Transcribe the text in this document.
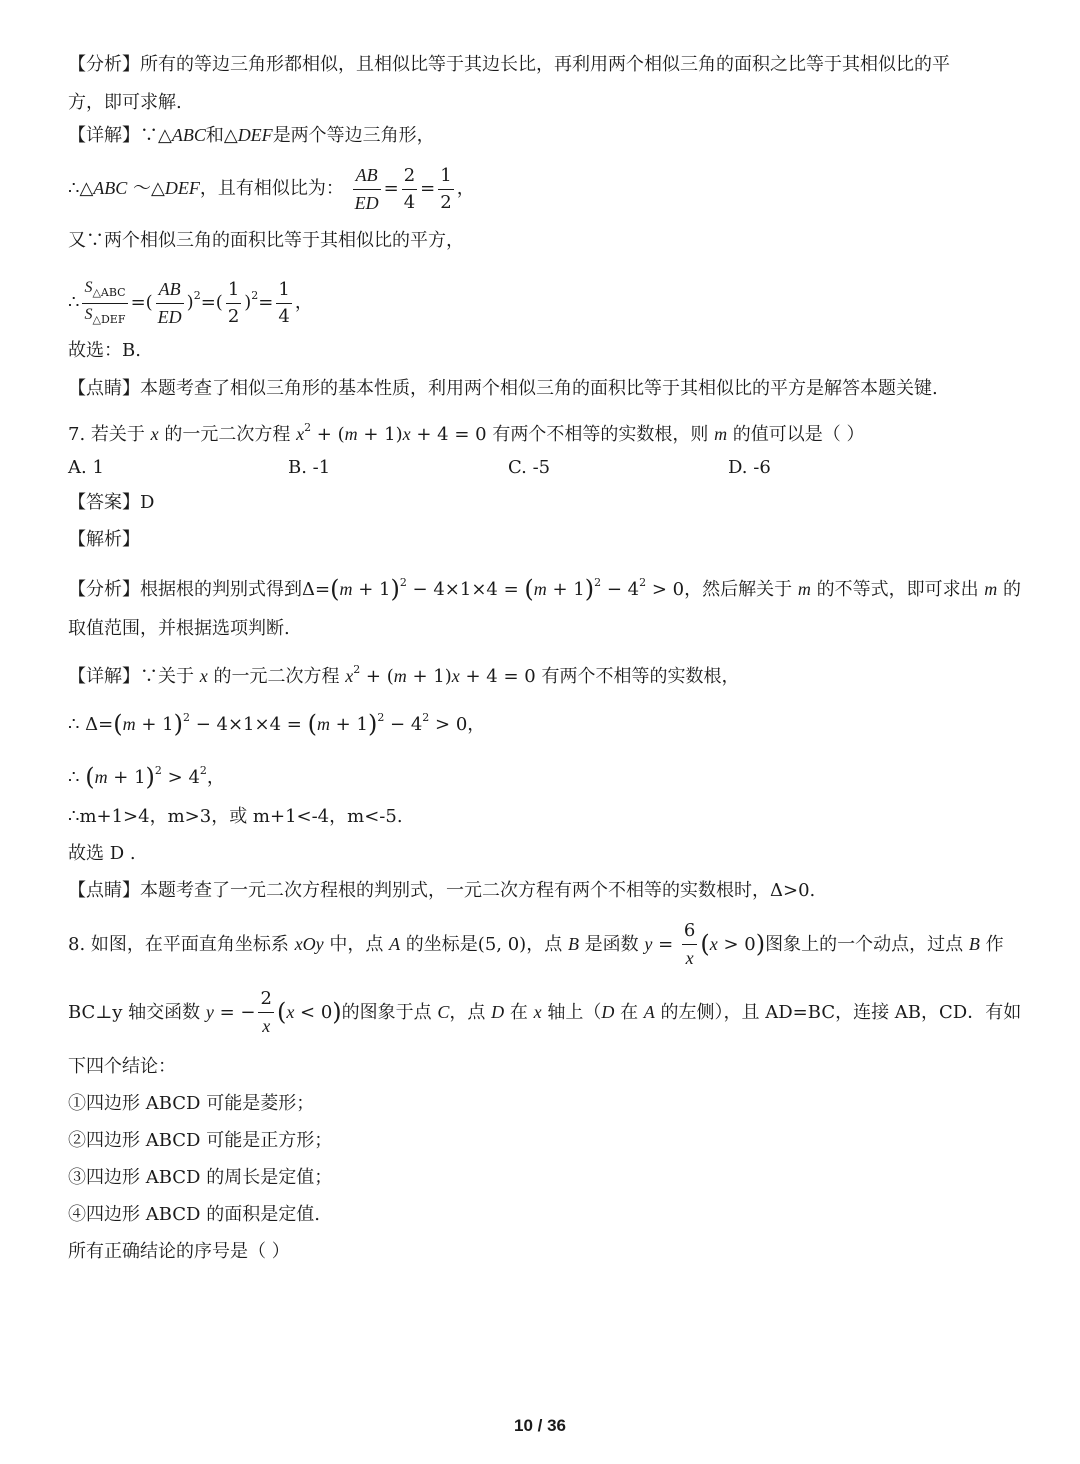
【分析】所有的等边三角形都相似，且相似比等于其边长比，再利用两个相似三角的面积之比等于其相似比的平
方，即可求解.
【详解】∵△ABC和△DEF是两个等边三角形，
∴△ABC ～△DEF，且有相似比为： $\frac{AB}{ED} = \frac{2}{4} = \frac{1}{2}$ ，
又∵两个相似三角的面积比等于其相似比的平方，
∴ $\frac{S_{\triangle ABC}}{S_{\triangle DEF}}$ =( $\frac{AB}{ED} )^2=( \frac{1}{2} )^2= \frac{1}{4}$ ，
故选：B.
【点睛】本题考查了相似三角形的基本性质，利用两个相似三角的面积比等于其相似比的平方是解答本题关键.
7. 若关于 x 的一元二次方程 $x^2 + (m + 1)x + 4 = 0$ 有两个不相等的实数根，则 m 的值可以是（ ）
A. 1	B. -1	C. -5	D. -6
【答案】D
【解析】
【分析】根据根的判别式得到$\Delta=(m + 1)^2 - 4\times 1\times 4 = (m + 1)^2 - 4^2 > 0$，然后解关于 m 的不等式，即可求出 m 的
取值范围，并根据选项判断.
【详解】∵关于 x 的一元二次方程 $x^2 + (m + 1)x + 4 = 0$ 有两个不相等的实数根，
∴ $\Delta=(m + 1)^2 - 4\times 1\times 4 = (m + 1)^2 - 4^2 > 0$，
∴ $(m + 1)^2 > 4^2$，
∴m+1>4，m>3，或 m+1<-4，m<-5.
故选 D .
【点睛】本题考查了一元二次方程根的判别式，一元二次方程有两个不相等的实数根时，Δ>0.
8. 如图，在平面直角坐标系 xOy 中，点 A 的坐标是(5, 0)，点 B 是函数 $y = \frac{6}{x} (x > 0)$图象上的一个动点，过点 B 作
BC⊥y 轴交函数 y = − $\frac{2}{x} (x < 0)$的图象于点 C，点 D 在 x 轴上（D 在 A 的左侧），且 AD=BC，连接 AB，CD．有如
下四个结论：
①四边形 ABCD 可能是菱形；
②四边形 ABCD 可能是正方形；
③四边形 ABCD 的周长是定值；
④四边形 ABCD 的面积是定值.
所有正确结论的序号是（ ）
10 / 36
